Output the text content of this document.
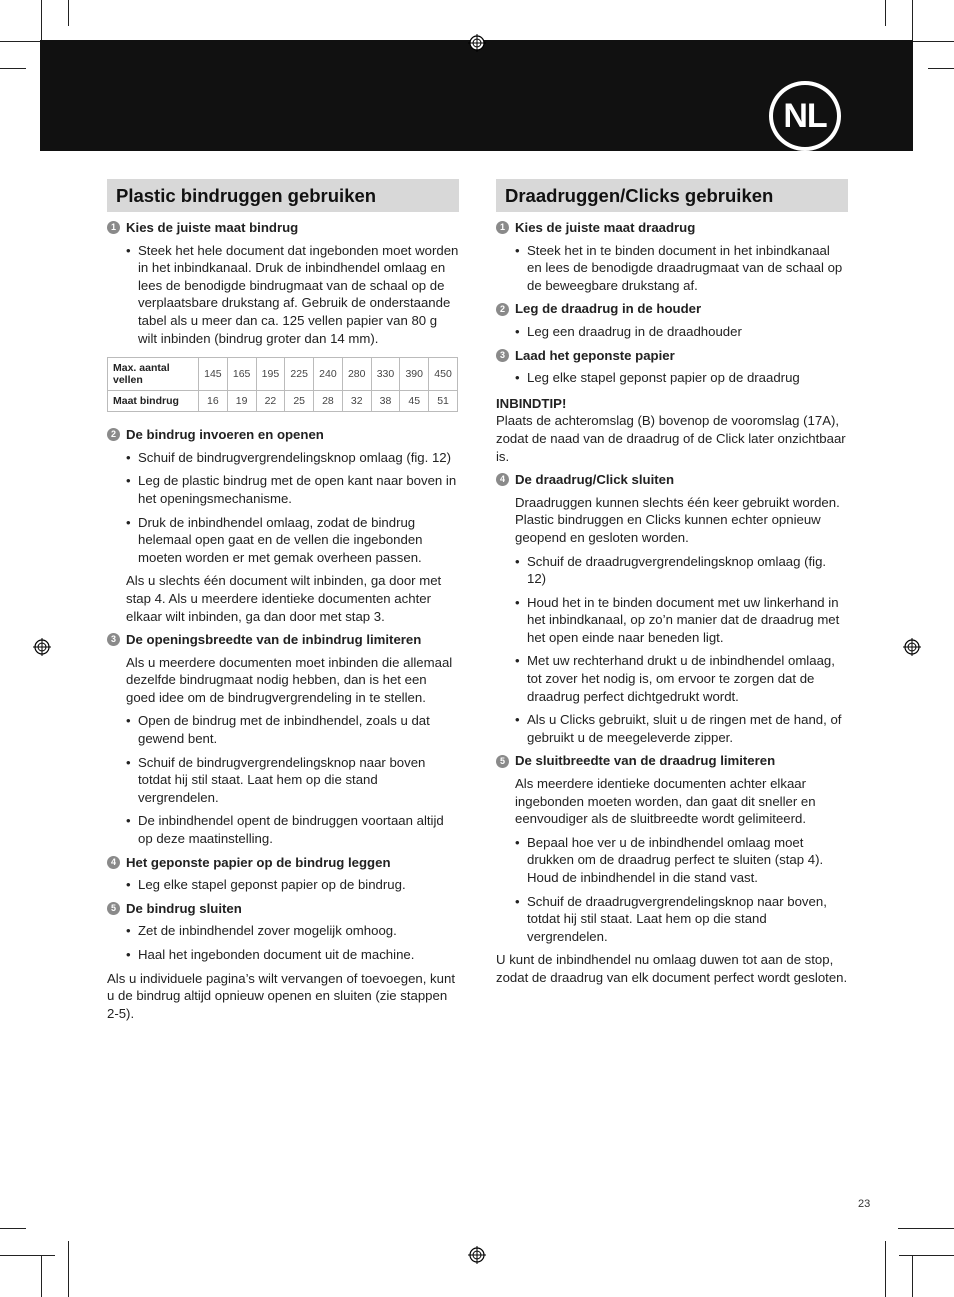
NL
Plastic bindruggen gebruiken
1 Kies de juiste maat bindrug
• Steek het hele document dat ingebonden moet worden in het inbindkanaal. Druk de inbindhendel omlaag en lees de benodigde bindrugmaat van de schaal op de verplaatsbare drukstang af. Gebruik de onderstaande tabel als u meer dan ca. 125 vellen papier van 80 g wilt inbinden (bindrug groter dan 14 mm).
Max. aantal vellen	145	165	195	225	240	280	330	390	450
Maat bindrug	16	19	22	25	28	32	38	45	51
2 De bindrug invoeren en openen
• Schuif de bindrugvergrendelingsknop omlaag (fig. 12)
• Leg de plastic bindrug met de open kant naar boven in het openingsmechanisme.
• Druk de inbindhendel omlaag, zodat de bindrug helemaal open gaat en de vellen die ingebonden moeten worden er met gemak overheen passen.
Als u slechts één document wilt inbinden, ga door met stap 4. Als u meerdere identieke documenten achter elkaar wilt inbinden, ga dan door met stap 3.
3 De openingsbreedte van de inbindrug limiteren
Als u meerdere documenten moet inbinden die allemaal dezelfde bindrugmaat nodig hebben, dan is het een goed idee om de bindrugvergrendeling in te stellen.
• Open de bindrug met de inbindhendel, zoals u dat gewend bent.
• Schuif de bindrugvergrendelingsknop naar boven totdat hij stil staat. Laat hem op die stand vergrendelen.
• De inbindhendel opent de bindruggen voortaan altijd op deze maatinstelling.
4 Het geponste papier op de bindrug leggen
• Leg elke stapel geponst papier op de bindrug.
5 De bindrug sluiten
• Zet de inbindhendel zover mogelijk omhoog.
• Haal het ingebonden document uit de machine.
Als u individuele pagina’s wilt vervangen of toevoegen, kunt u de bindrug altijd opnieuw openen en sluiten (zie stappen 2-5).
Draadruggen/Clicks gebruiken
1 Kies de juiste maat draadrug
• Steek het in te binden document in het inbindkanaal en lees de benodigde draadrugmaat van de schaal op de beweegbare drukstang af.
2 Leg de draadrug in de houder
• Leg een draadrug in de draadhouder
3 Laad het geponste papier
• Leg elke stapel geponst papier op de draadrug
INBINDTIP!
Plaats de achteromslag (B) bovenop de vooromslag (17A), zodat de naad van de draadrug of de Click later onzichtbaar is.
4 De draadrug/Click sluiten
Draadruggen kunnen slechts één keer gebruikt worden. Plastic bindruggen en Clicks kunnen echter opnieuw geopend en gesloten worden.
• Schuif de draadrugvergrendelingsknop omlaag (fig. 12)
• Houd het in te binden document met uw linkerhand in het inbindkanaal, op zo’n manier dat de draadrug met het open einde naar beneden ligt.
• Met uw rechterhand drukt u de inbindhendel omlaag, tot zover het nodig is, om ervoor te zorgen dat de draadrug perfect dichtgedrukt wordt.
• Als u Clicks gebruikt, sluit u de ringen met de hand, of gebruikt u de meegeleverde zipper.
5 De sluitbreedte van de draadrug limiteren
Als meerdere identieke documenten achter elkaar ingebonden moeten worden, dan gaat dit sneller en eenvoudiger als de sluitbreedte wordt gelimiteerd.
• Bepaal hoe ver u de inbindhendel omlaag moet drukken om de draadrug perfect te sluiten (stap 4). Houd de inbindhendel in die stand vast.
• Schuif de draadrugvergrendelingsknop naar boven, totdat hij stil staat. Laat hem op die stand vergrendelen.
U kunt de inbindhendel nu omlaag duwen tot aan de stop, zodat de draadrug van elk document perfect wordt gesloten.
23
